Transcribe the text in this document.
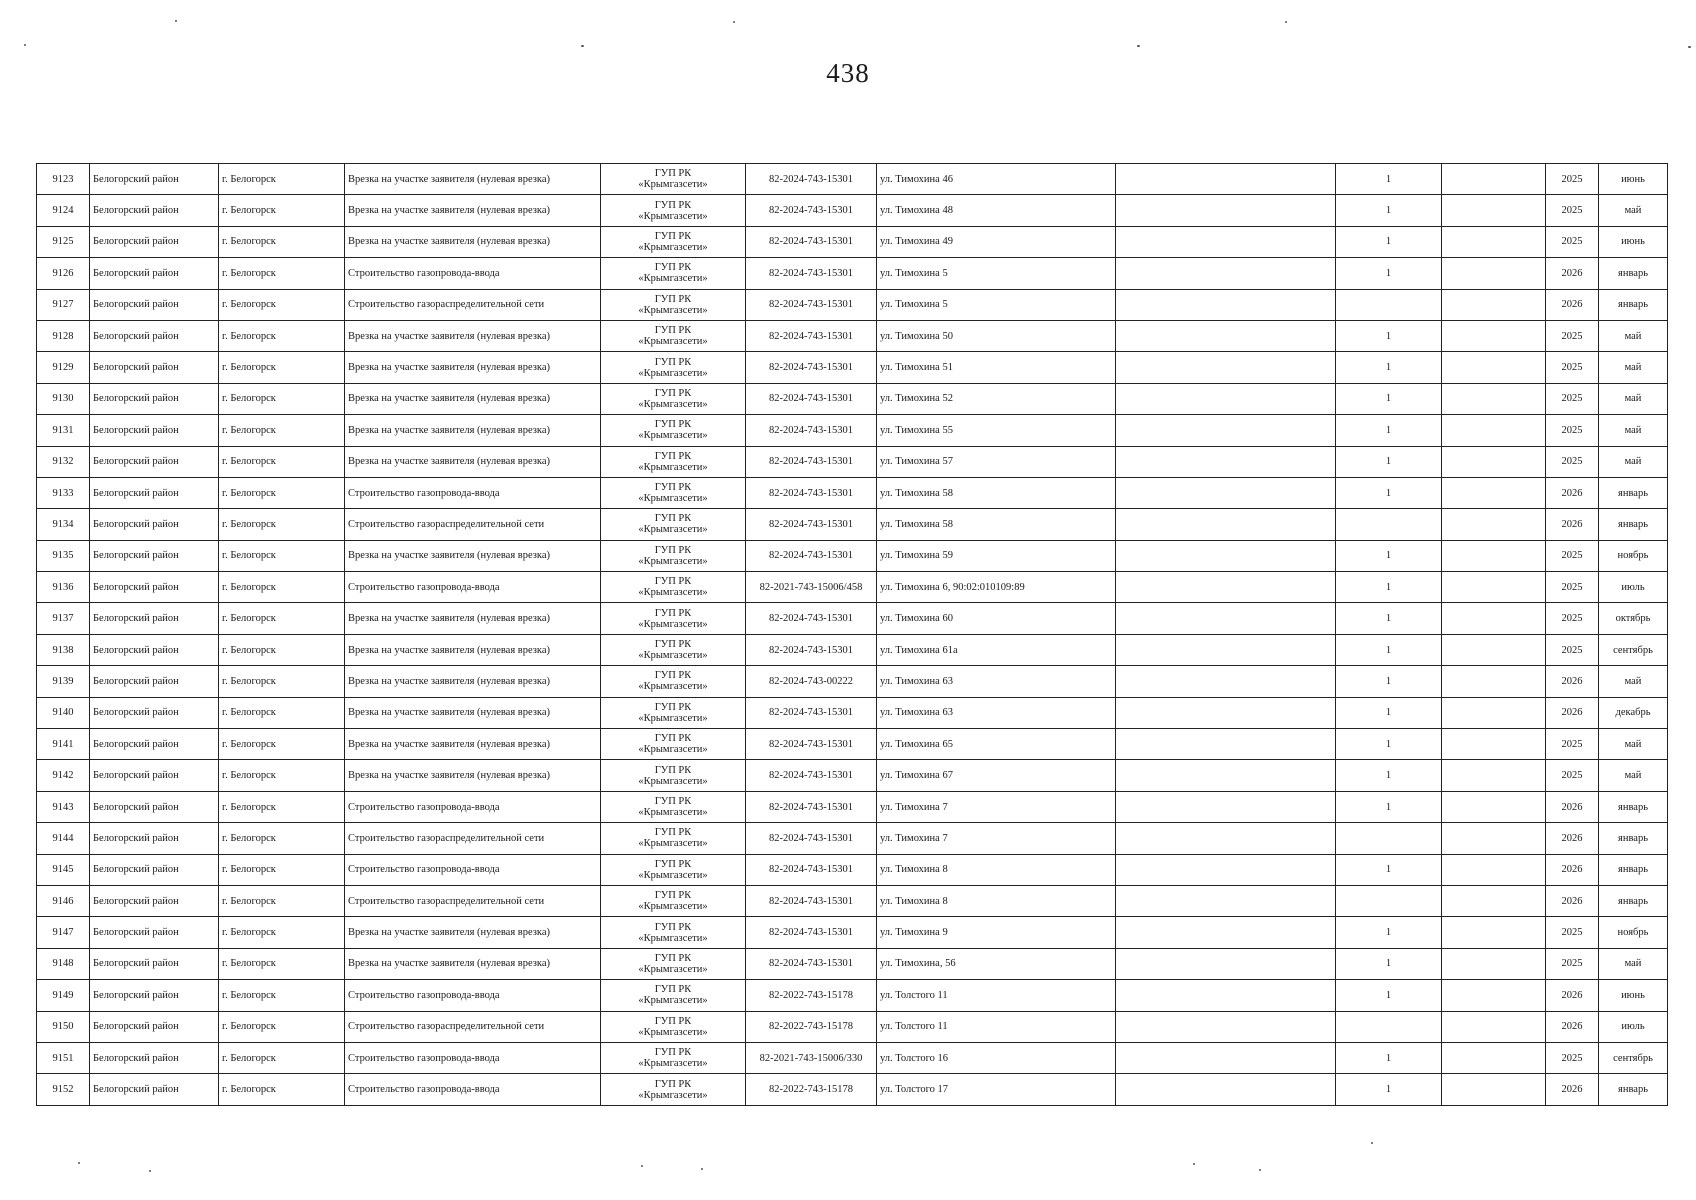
438
9123	Белогорский район	г. Белогорск	Врезка на участке заявителя (нулевая врезка)	ГУП РК
«Крымгазсети»	82-2024-743-15301	ул. Тимохина 46		1		2025	июнь
9124	Белогорский район	г. Белогорск	Врезка на участке заявителя (нулевая врезка)	ГУП РК
«Крымгазсети»	82-2024-743-15301	ул. Тимохина 48		1		2025	май
9125	Белогорский район	г. Белогорск	Врезка на участке заявителя (нулевая врезка)	ГУП РК
«Крымгазсети»	82-2024-743-15301	ул. Тимохина 49		1		2025	июнь
9126	Белогорский район	г. Белогорск	Строительство газопровода-ввода	ГУП РК
«Крымгазсети»	82-2024-743-15301	ул. Тимохина 5		1		2026	январь
9127	Белогорский район	г. Белогорск	Строительство газораспределительной сети	ГУП РК
«Крымгазсети»	82-2024-743-15301	ул. Тимохина 5				2026	январь
9128	Белогорский район	г. Белогорск	Врезка на участке заявителя (нулевая врезка)	ГУП РК
«Крымгазсети»	82-2024-743-15301	ул. Тимохина 50		1		2025	май
9129	Белогорский район	г. Белогорск	Врезка на участке заявителя (нулевая врезка)	ГУП РК
«Крымгазсети»	82-2024-743-15301	ул. Тимохина 51		1		2025	май
9130	Белогорский район	г. Белогорск	Врезка на участке заявителя (нулевая врезка)	ГУП РК
«Крымгазсети»	82-2024-743-15301	ул. Тимохина 52		1		2025	май
9131	Белогорский район	г. Белогорск	Врезка на участке заявителя (нулевая врезка)	ГУП РК
«Крымгазсети»	82-2024-743-15301	ул. Тимохина 55		1		2025	май
9132	Белогорский район	г. Белогорск	Врезка на участке заявителя (нулевая врезка)	ГУП РК
«Крымгазсети»	82-2024-743-15301	ул. Тимохина 57		1		2025	май
9133	Белогорский район	г. Белогорск	Строительство газопровода-ввода	ГУП РК
«Крымгазсети»	82-2024-743-15301	ул. Тимохина 58		1		2026	январь
9134	Белогорский район	г. Белогорск	Строительство газораспределительной сети	ГУП РК
«Крымгазсети»	82-2024-743-15301	ул. Тимохина 58				2026	январь
9135	Белогорский район	г. Белогорск	Врезка на участке заявителя (нулевая врезка)	ГУП РК
«Крымгазсети»	82-2024-743-15301	ул. Тимохина 59		1		2025	ноябрь
9136	Белогорский район	г. Белогорск	Строительство газопровода-ввода	ГУП РК
«Крымгазсети»	82-2021-743-15006/458	ул. Тимохина 6, 90:02:010109:89		1		2025	июль
9137	Белогорский район	г. Белогорск	Врезка на участке заявителя (нулевая врезка)	ГУП РК
«Крымгазсети»	82-2024-743-15301	ул. Тимохина 60		1		2025	октябрь
9138	Белогорский район	г. Белогорск	Врезка на участке заявителя (нулевая врезка)	ГУП РК
«Крымгазсети»	82-2024-743-15301	ул. Тимохина 61а		1		2025	сентябрь
9139	Белогорский район	г. Белогорск	Врезка на участке заявителя (нулевая врезка)	ГУП РК
«Крымгазсети»	82-2024-743-00222	ул. Тимохина 63		1		2026	май
9140	Белогорский район	г. Белогорск	Врезка на участке заявителя (нулевая врезка)	ГУП РК
«Крымгазсети»	82-2024-743-15301	ул. Тимохина 63		1		2026	декабрь
9141	Белогорский район	г. Белогорск	Врезка на участке заявителя (нулевая врезка)	ГУП РК
«Крымгазсети»	82-2024-743-15301	ул. Тимохина 65		1		2025	май
9142	Белогорский район	г. Белогорск	Врезка на участке заявителя (нулевая врезка)	ГУП РК
«Крымгазсети»	82-2024-743-15301	ул. Тимохина 67		1		2025	май
9143	Белогорский район	г. Белогорск	Строительство газопровода-ввода	ГУП РК
«Крымгазсети»	82-2024-743-15301	ул. Тимохина 7		1		2026	январь
9144	Белогорский район	г. Белогорск	Строительство газораспределительной сети	ГУП РК
«Крымгазсети»	82-2024-743-15301	ул. Тимохина 7				2026	январь
9145	Белогорский район	г. Белогорск	Строительство газопровода-ввода	ГУП РК
«Крымгазсети»	82-2024-743-15301	ул. Тимохина 8		1		2026	январь
9146	Белогорский район	г. Белогорск	Строительство газораспределительной сети	ГУП РК
«Крымгазсети»	82-2024-743-15301	ул. Тимохина 8				2026	январь
9147	Белогорский район	г. Белогорск	Врезка на участке заявителя (нулевая врезка)	ГУП РК
«Крымгазсети»	82-2024-743-15301	ул. Тимохина 9		1		2025	ноябрь
9148	Белогорский район	г. Белогорск	Врезка на участке заявителя (нулевая врезка)	ГУП РК
«Крымгазсети»	82-2024-743-15301	ул. Тимохина, 56		1		2025	май
9149	Белогорский район	г. Белогорск	Строительство газопровода-ввода	ГУП РК
«Крымгазсети»	82-2022-743-15178	ул. Толстого 11		1		2026	июнь
9150	Белогорский район	г. Белогорск	Строительство газораспределительной сети	ГУП РК
«Крымгазсети»	82-2022-743-15178	ул. Толстого 11				2026	июль
9151	Белогорский район	г. Белогорск	Строительство газопровода-ввода	ГУП РК
«Крымгазсети»	82-2021-743-15006/330	ул. Толстого 16		1		2025	сентябрь
9152	Белогорский район	г. Белогорск	Строительство газопровода-ввода	ГУП РК
«Крымгазсети»	82-2022-743-15178	ул. Толстого 17		1		2026	январь
